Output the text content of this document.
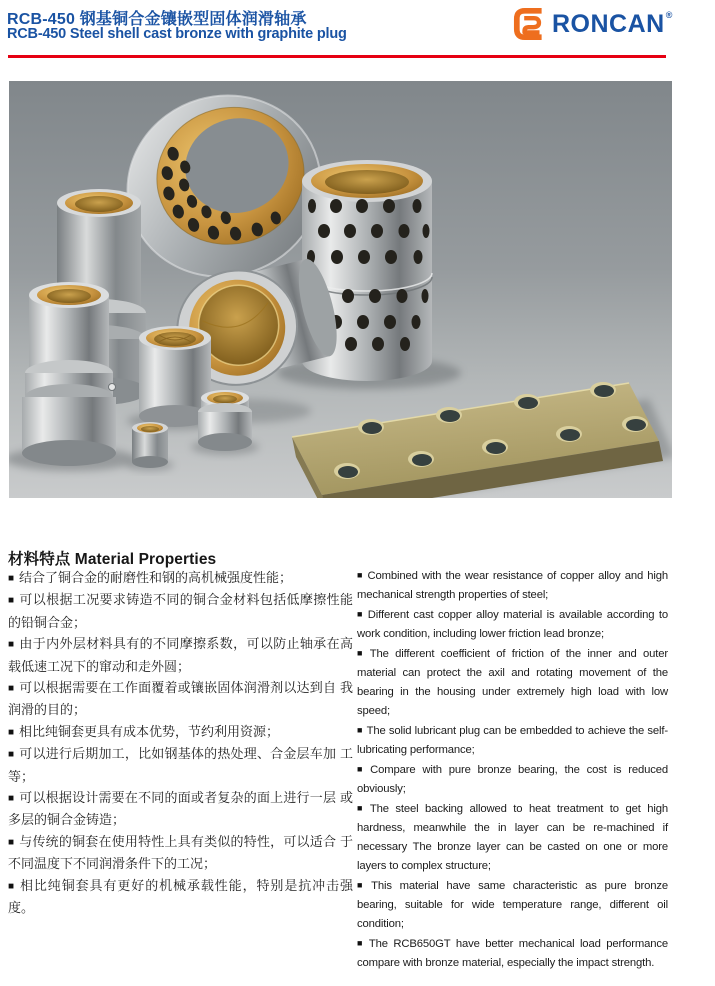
RCB-450 钢基铜合金镶嵌型固体润滑轴承
RCB-450 Steel shell cast bronze with graphite plug	RONCAN ®
材料特点 Material Properties

■ 结合了铜合金的耐磨性和钢的高机械强度性能；

■ 可以根据工况要求铸造不同的铜合金材料包括低摩擦性能的铅铜合金；

■ 由于内外层材料具有的不同摩擦系数，可以防止轴承在高载低速工况下的窜动和走外圆；

■ 可以根据需要在工作面覆着或镶嵌固体润滑剂以达到自 我润滑的目的；

■ 相比纯铜套更具有成本优势，节约利用资源；

■ 可以进行后期加工，比如钢基体的热处理、合金层车加 工等；

■ 可以根据设计需要在不同的面或者复杂的面上进行一层 或多层的铜合金铸造；

■ 与传统的铜套在使用特性上具有类似的特性，可以适合 于不同温度下不同润滑条件下的工况；

■ 相比纯铜套具有更好的机械承载性能，特别是抗冲击强度。

■ Combined with the wear resistance of copper alloy and high mechanical strength properties of steel;

■ Different cast copper alloy material is available according to work condition, including lower friction lead bronze;

■ The different coefficient of friction of the inner and outer material can protect the axil and rotating movement of the bearing in the housing under extremely high load with low speed;

■ The solid lubricant plug can be embedded to achieve the self-lubricating performance;

■ Compare with pure bronze bearing, the cost is reduced obviously;

■ The steel backing allowed to heat treatment to get high hardness, meanwhile the in layer can be re-machined if necessary The bronze layer can be casted on one or more layers to complex structure;

■ This material have same characteristic as pure bronze bearing, suitable for wide temperature range, different oil condition;

■ The RCB650GT have better mechanical load performance compare with bronze material, especially the impact strength.
